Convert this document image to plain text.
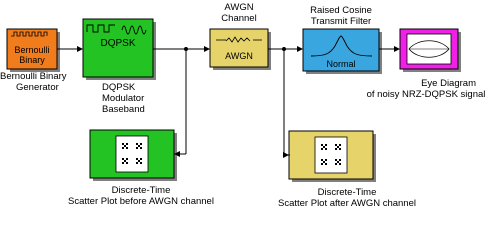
Bernoulli
Binary
DQPSK
AWGN
Normal
Bernoulli Binary
Generator	DQPSK
Modulator
Baseband
AWGN
Channel
Raised Cosine
Transmit Filter
Eye Diagram
of noisy NRZ-DQPSK signal
Discrete-Time
Scatter Plot before AWGN channel
Discrete-Time
Scatter Plot after AWGN channel
